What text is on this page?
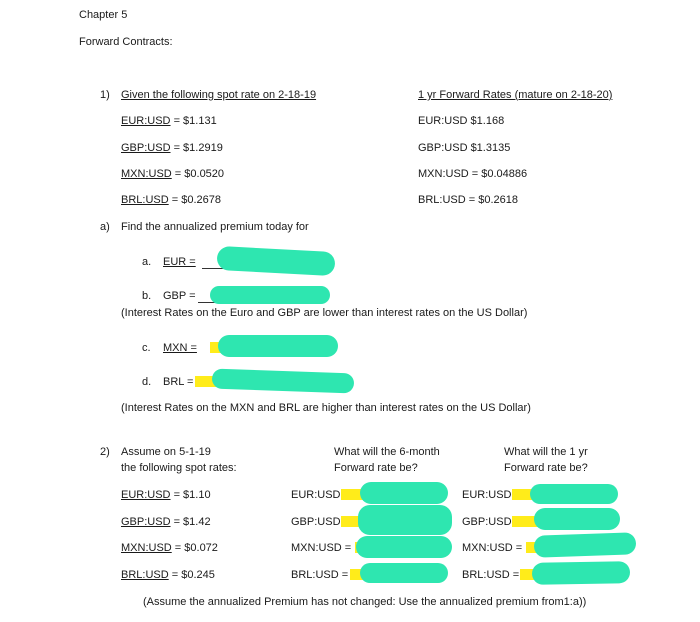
Chapter 5
Forward Contracts:
1) Given the following spot rate on 2-18-19	1 yr Forward Rates (mature on 2-18-20)
EUR:USD = $1.131
GBP:USD = $1.2919
MXN:USD = $0.0520
BRL:USD = $0.2678
EUR:USD $1.168
GBP:USD $1.3135
MXN:USD = $0.04886
BRL:USD = $0.2618
a) Find the annualized premium today for
a. EUR =
b. GBP =
(Interest Rates on the Euro and GBP are lower than interest rates on the US Dollar)
c. MXN =
d. BRL =
(Interest Rates on the MXN and BRL are higher than interest rates on the US Dollar)
2) Assume on 5-1-19
the following spot rates:
What will the 6-month
Forward rate be?
What will the 1 yr
Forward rate be?
EUR:USD = $1.10
GBP:USD = $1.42
MXN:USD = $0.072
BRL:USD = $0.245
EUR:USD
GBP:USD
MXN:USD =
BRL:USD =
EUR:USD
GBP:USD
MXN:USD =
BRL:USD =
(Assume the annualized Premium has not changed: Use the annualized premium from1:a))
